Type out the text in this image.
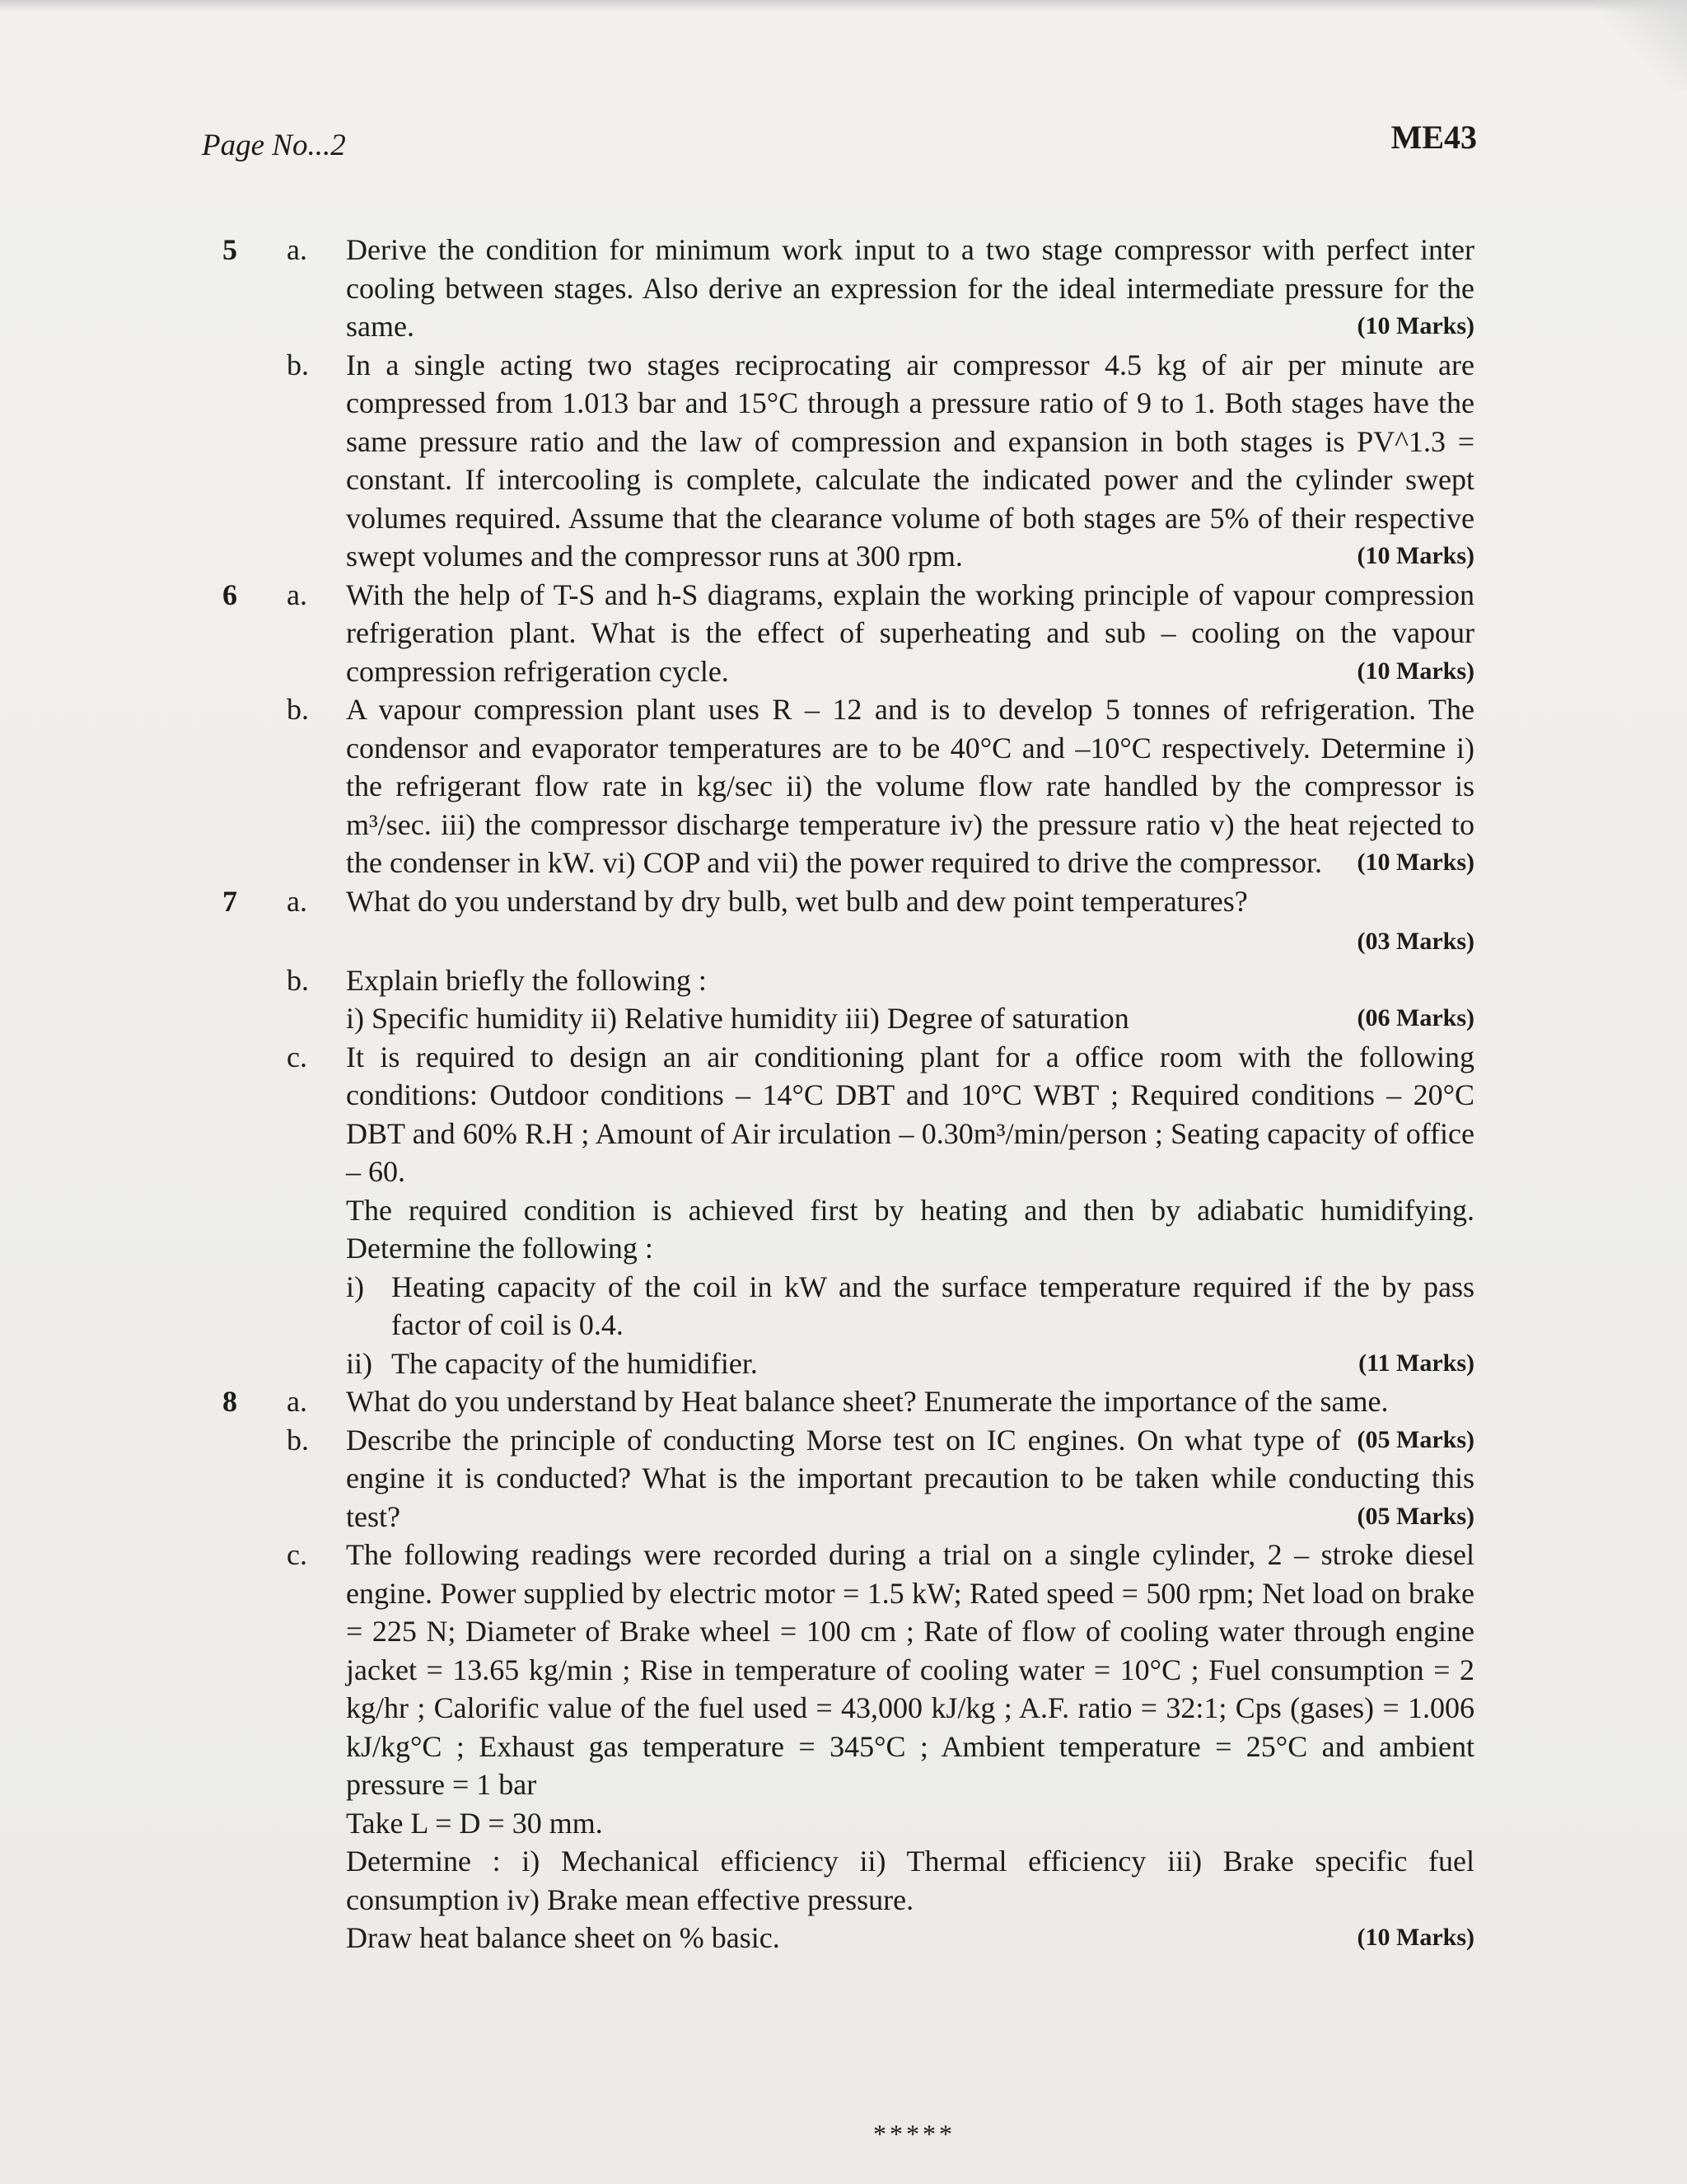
Page No...2	ME43
5 a. Derive the condition for minimum work input to a two stage compressor with perfect inter cooling between stages. Also derive an expression for the ideal intermediate pressure for the same.	(10 Marks)
b. In a single acting two stages reciprocating air compressor 4.5 kg of air per minute are compressed from 1.013 bar and 15°C through a pressure ratio of 9 to 1. Both stages have the same pressure ratio and the law of compression and expansion in both stages is PV^1.3 = constant. If intercooling is complete, calculate the indicated power and the cylinder swept volumes required. Assume that the clearance volume of both stages are 5% of their respective swept volumes and the compressor runs at 300 rpm.	(10 Marks)
6 a. With the help of T-S and h-S diagrams, explain the working principle of vapour compression refrigeration plant. What is the effect of superheating and sub – cooling on the vapour compression refrigeration cycle.	(10 Marks)
b. A vapour compression plant uses R – 12 and is to develop 5 tonnes of refrigeration. The condensor and evaporator temperatures are to be 40°C and –10°C respectively. Determine i) the refrigerant flow rate in kg/sec ii) the volume flow rate handled by the compressor is m³/sec. iii) the compressor discharge temperature iv) the pressure ratio v) the heat rejected to the condenser in kW. vi) COP and vii) the power required to drive the compressor. (10 Marks)
7 a. What do you understand by dry bulb, wet bulb and dew point temperatures?
(03 Marks)
b. Explain briefly the following :
(06 Marks)
i) Specific humidity ii) Relative humidity iii) Degree of saturation
c. It is required to design an air conditioning plant for a office room with the following conditions: Outdoor conditions – 14°C DBT and 10°C WBT ; Required conditions – 20°C DBT and 60% R.H ; Amount of Air irculation – 0.30m³/min/person ; Seating capacity of office – 60.
The required condition is achieved first by heating and then by adiabatic humidifying. Determine the following :
i) Heating capacity of the coil in kW and the surface temperature required if the by pass factor of coil is 0.4.
ii) The capacity of the humidifier.	(11 Marks)
8 a. What do you understand by Heat balance sheet? Enumerate the importance of the same.
(05 Marks)
b. Describe the principle of conducting Morse test on IC engines. On what type of engine it is conducted? What is the important precaution to be taken while conducting this test?	(05 Marks)
c. The following readings were recorded during a trial on a single cylinder, 2 – stroke diesel engine. Power supplied by electric motor = 1.5 kW; Rated speed = 500 rpm; Net load on brake = 225 N; Diameter of Brake wheel = 100 cm ; Rate of flow of cooling water through engine jacket = 13.65 kg/min ; Rise in temperature of cooling water = 10°C ; Fuel consumption = 2 kg/hr ; Calorific value of the fuel used = 43,000 kJ/kg ; A.F. ratio = 32:1; Cps (gases) = 1.006 kJ/kg°C ; Exhaust gas temperature = 345°C ; Ambient temperature = 25°C and ambient pressure = 1 bar
Take L = D = 30 mm.
Determine : i) Mechanical efficiency ii) Thermal efficiency iii) Brake specific fuel consumption iv) Brake mean effective pressure.
(10 Marks)
Draw heat balance sheet on % basic.
*****
